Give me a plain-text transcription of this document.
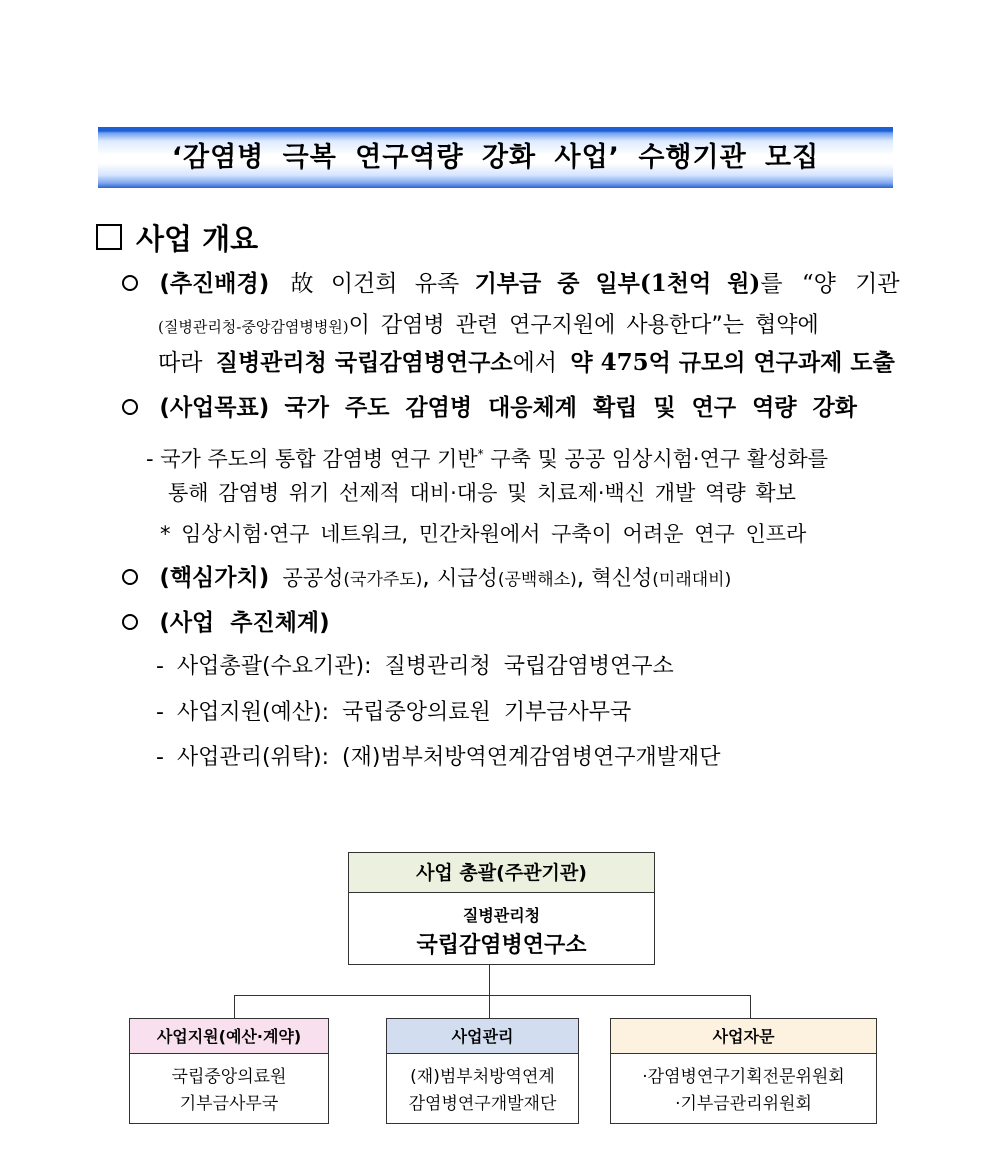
‘감염병 극복 연구역량 강화 사업’ 수행기관 모집
사업 개요
(추진배경) 故 이건희 유족 기부금 중 일부(1천억 원)를 “양 기관
(질병관리청-중앙감염병병원)이 감염병 관련 연구지원에 사용한다”는 협약에
따라 질병관리청 국립감염병연구소에서 약 475억 규모의 연구과제 도출
(사업목표) 국가 주도 감염병 대응체계 확립 및 연구 역량 강화
- 국가 주도의 통합 감염병 연구 기반* 구축 및 공공 임상시험·연구 활성화를
통해 감염병 위기 선제적 대비·대응 및 치료제·백신 개발 역량 확보
* 임상시험·연구 네트워크, 민간차원에서 구축이 어려운 연구 인프라
(핵심가치) 공공성(국가주도), 시급성(공백해소), 혁신성(미래대비)
(사업 추진체계)
- 사업총괄(수요기관): 질병관리청 국립감염병연구소
- 사업지원(예산): 국립중앙의료원 기부금사무국
- 사업관리(위탁): (재)범부처방역연계감염병연구개발재단
사업 총괄(주관기관)
질병관리청
국립감염병연구소
사업지원(예산·계약)
국립중앙의료원
기부금사무국
사업관리
(재)범부처방역연계
감염병연구개발재단
사업자문
·감염병연구기획전문위원회
·기부금관리위원회
